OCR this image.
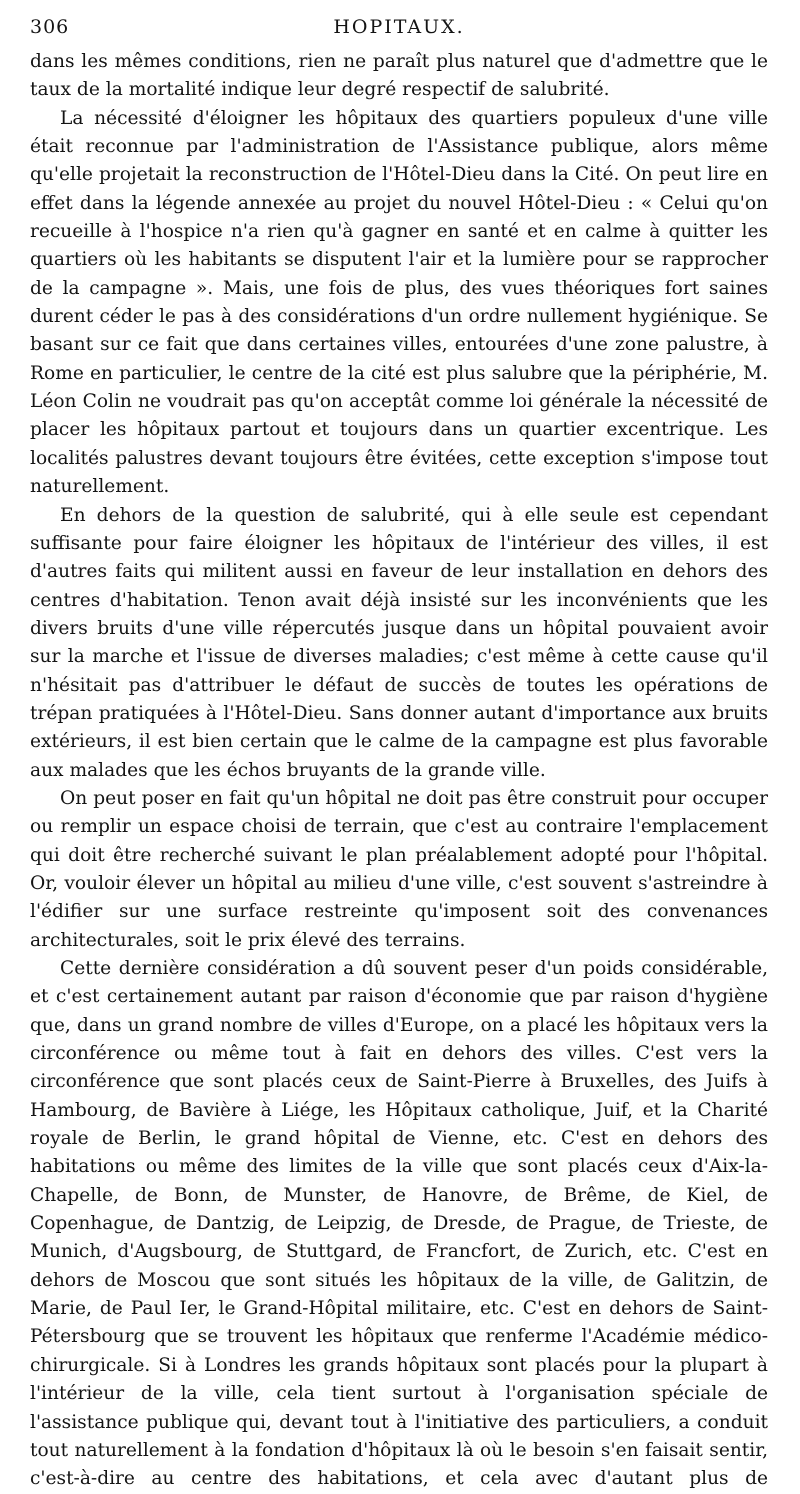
306	HOPITAUX.

dans les mêmes conditions, rien ne paraît plus naturel que d'admettre que le taux de la mortalité indique leur degré respectif de salubrité.

La nécessité d'éloigner les hôpitaux des quartiers populeux d'une ville était reconnue par l'administration de l'Assistance publique, alors même qu'elle projetait la reconstruction de l'Hôtel-Dieu dans la Cité. On peut lire en effet dans la légende annexée au projet du nouvel Hôtel-Dieu : « Celui qu'on recueille à l'hospice n'a rien qu'à gagner en santé et en calme à quitter les quartiers où les habitants se disputent l'air et la lumière pour se rapprocher de la campagne ». Mais, une fois de plus, des vues théoriques fort saines durent céder le pas à des considérations d'un ordre nullement hygiénique. Se basant sur ce fait que dans certaines villes, entourées d'une zone palustre, à Rome en particulier, le centre de la cité est plus salubre que la périphérie, M. Léon Colin ne voudrait pas qu'on acceptât comme loi générale la nécessité de placer les hôpitaux partout et toujours dans un quartier excentrique. Les localités palustres devant toujours être évitées, cette exception s'impose tout naturellement.

En dehors de la question de salubrité, qui à elle seule est cependant suffisante pour faire éloigner les hôpitaux de l'intérieur des villes, il est d'autres faits qui militent aussi en faveur de leur installation en dehors des centres d'habitation. Tenon avait déjà insisté sur les inconvénients que les divers bruits d'une ville répercutés jusque dans un hôpital pouvaient avoir sur la marche et l'issue de diverses maladies; c'est même à cette cause qu'il n'hésitait pas d'attribuer le défaut de succès de toutes les opérations de trépan pratiquées à l'Hôtel-Dieu. Sans donner autant d'importance aux bruits extérieurs, il est bien certain que le calme de la campagne est plus favorable aux malades que les échos bruyants de la grande ville.

On peut poser en fait qu'un hôpital ne doit pas être construit pour occuper ou remplir un espace choisi de terrain, que c'est au contraire l'emplacement qui doit être recherché suivant le plan préalablement adopté pour l'hôpital. Or, vouloir élever un hôpital au milieu d'une ville, c'est souvent s'astreindre à l'édifier sur une surface restreinte qu'imposent soit des convenances architecturales, soit le prix élevé des terrains.

Cette dernière considération a dû souvent peser d'un poids considérable, et c'est certainement autant par raison d'économie que par raison d'hygiène que, dans un grand nombre de villes d'Europe, on a placé les hôpitaux vers la circonférence ou même tout à fait en dehors des villes. C'est vers la circonférence que sont placés ceux de Saint-Pierre à Bruxelles, des Juifs à Hambourg, de Bavière à Liége, les Hôpitaux catholique, Juif, et la Charité royale de Berlin, le grand hôpital de Vienne, etc. C'est en dehors des habitations ou même des limites de la ville que sont placés ceux d'Aix-la-Chapelle, de Bonn, de Munster, de Hanovre, de Brême, de Kiel, de Copenhague, de Dantzig, de Leipzig, de Dresde, de Prague, de Trieste, de Munich, d'Augsbourg, de Stuttgard, de Francfort, de Zurich, etc. C'est en dehors de Moscou que sont situés les hôpitaux de la ville, de Galitzin, de Marie, de Paul Ier, le Grand-Hôpital militaire, etc. C'est en dehors de Saint-Pétersbourg que se trouvent les hôpitaux que renferme l'Académie médico-chirurgicale. Si à Londres les grands hôpitaux sont placés pour la plupart à l'intérieur de la ville, cela tient surtout à l'organisation spéciale de l'assistance publique qui, devant tout à l'initiative des particuliers, a conduit tout naturellement à la fondation d'hôpitaux là où le besoin s'en faisait sentir, c'est-à-dire au centre des habitations, et cela avec d'autant plus de
